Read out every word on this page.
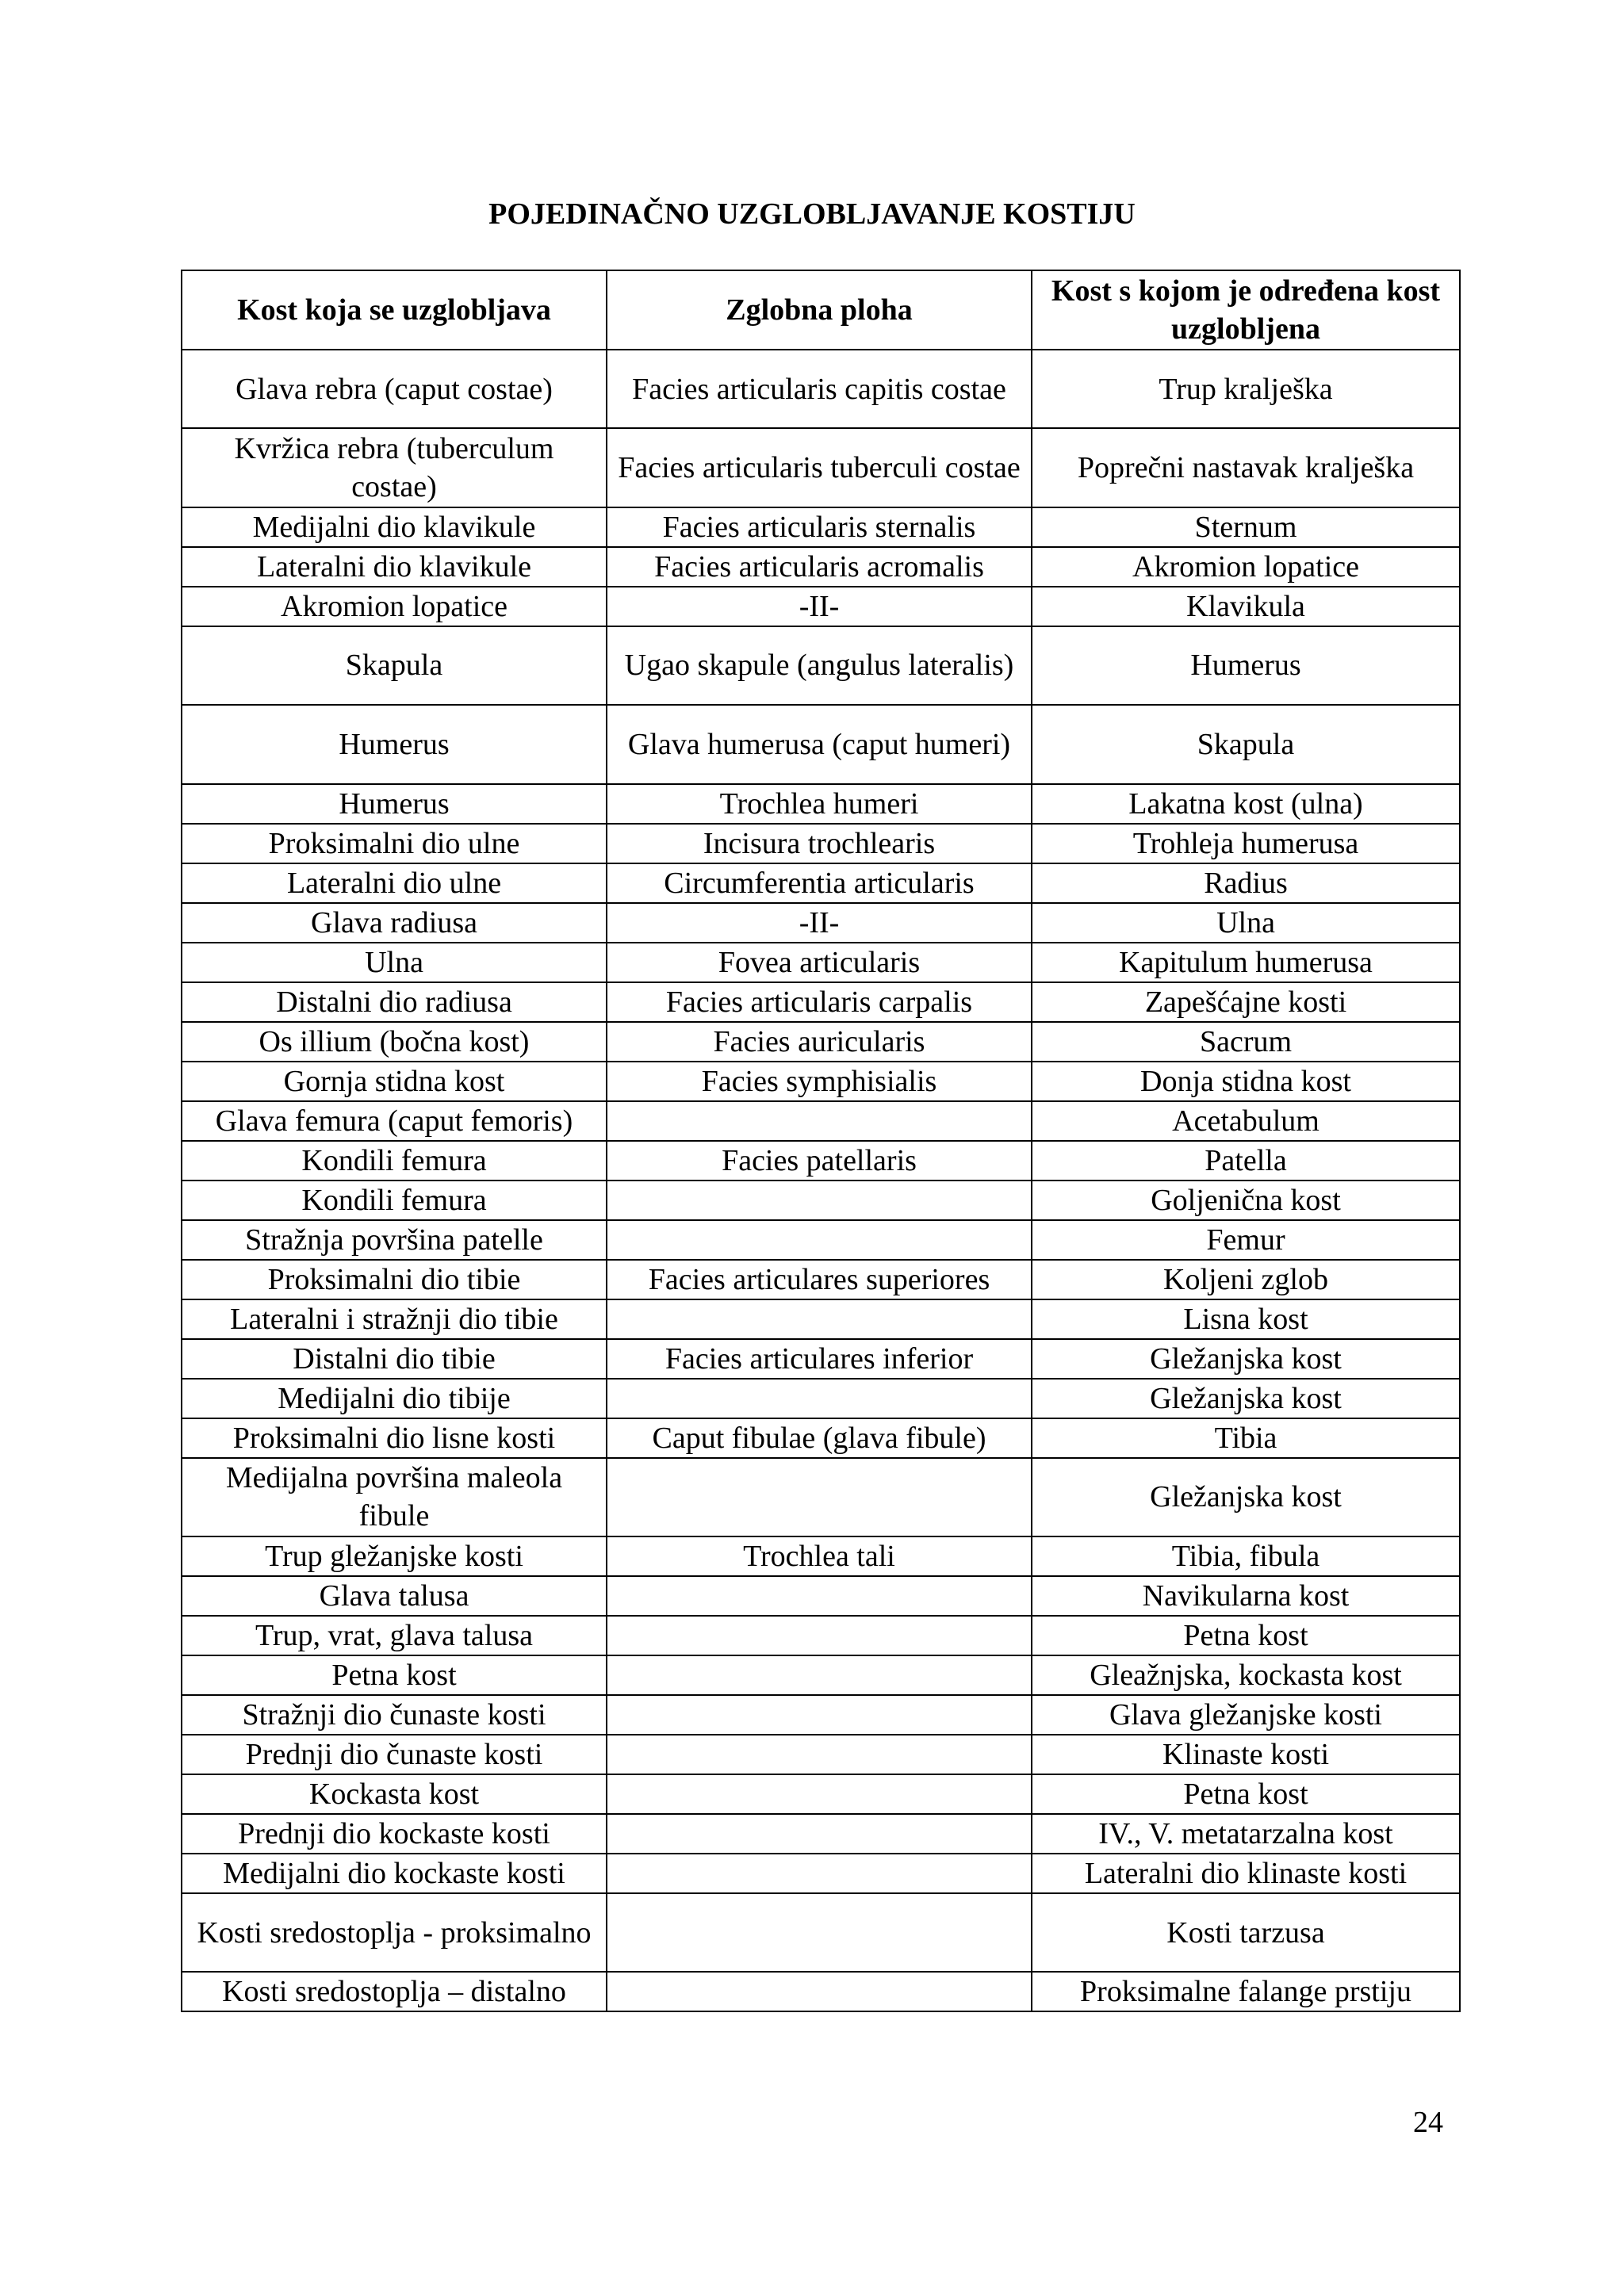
POJEDINAČNO UZGLOBLJAVANJE KOSTIJU
Kost koja se uzglobljava	Zglobna ploha	Kost s kojom je određena kost uzglobljena
Glava rebra (caput costae)	Facies articularis capitis costae	Trup kralješka
Kvržica rebra (tuberculum costae)	Facies articularis tuberculi costae	Poprečni nastavak kralješka
Medijalni dio klavikule	Facies articularis sternalis	Sternum
Lateralni dio klavikule	Facies articularis acromalis	Akromion lopatice
Akromion lopatice	-II-	Klavikula
Skapula	Ugao skapule (angulus lateralis)	Humerus
Humerus	Glava humerusa (caput humeri)	Skapula
Humerus	Trochlea humeri	Lakatna kost (ulna)
Proksimalni dio ulne	Incisura trochlearis	Trohleja humerusa
Lateralni dio ulne	Circumferentia articularis	Radius
Glava radiusa	-II-	Ulna
Ulna	Fovea articularis	Kapitulum humerusa
Distalni dio radiusa	Facies articularis carpalis	Zapešćajne kosti
Os illium (bočna kost)	Facies auricularis	Sacrum
Gornja stidna kost	Facies symphisialis	Donja stidna kost
Glava femura (caput femoris)		Acetabulum
Kondili femura	Facies patellaris	Patella
Kondili femura		Goljenična kost
Stražnja površina patelle		Femur
Proksimalni dio tibie	Facies articulares superiores	Koljeni zglob
Lateralni i stražnji dio tibie		Lisna kost
Distalni dio tibie	Facies articulares inferior	Gležanjska kost
Medijalni dio tibije		Gležanjska kost
Proksimalni dio lisne kosti	Caput fibulae (glava fibule)	Tibia
Medijalna površina maleola fibule		Gležanjska kost
Trup gležanjske kosti	Trochlea tali	Tibia, fibula
Glava talusa		Navikularna kost
Trup, vrat, glava talusa		Petna kost
Petna kost		Gleažnjska, kockasta kost
Stražnji dio čunaste kosti		Glava gležanjske kosti
Prednji dio čunaste kosti		Klinaste kosti
Kockasta kost		Petna kost
Prednji dio kockaste kosti		IV., V. metatarzalna kost
Medijalni dio kockaste kosti		Lateralni dio klinaste kosti
Kosti sredostoplja - proksimalno		Kosti tarzusa
Kosti sredostoplja – distalno		Proksimalne falange prstiju
24
